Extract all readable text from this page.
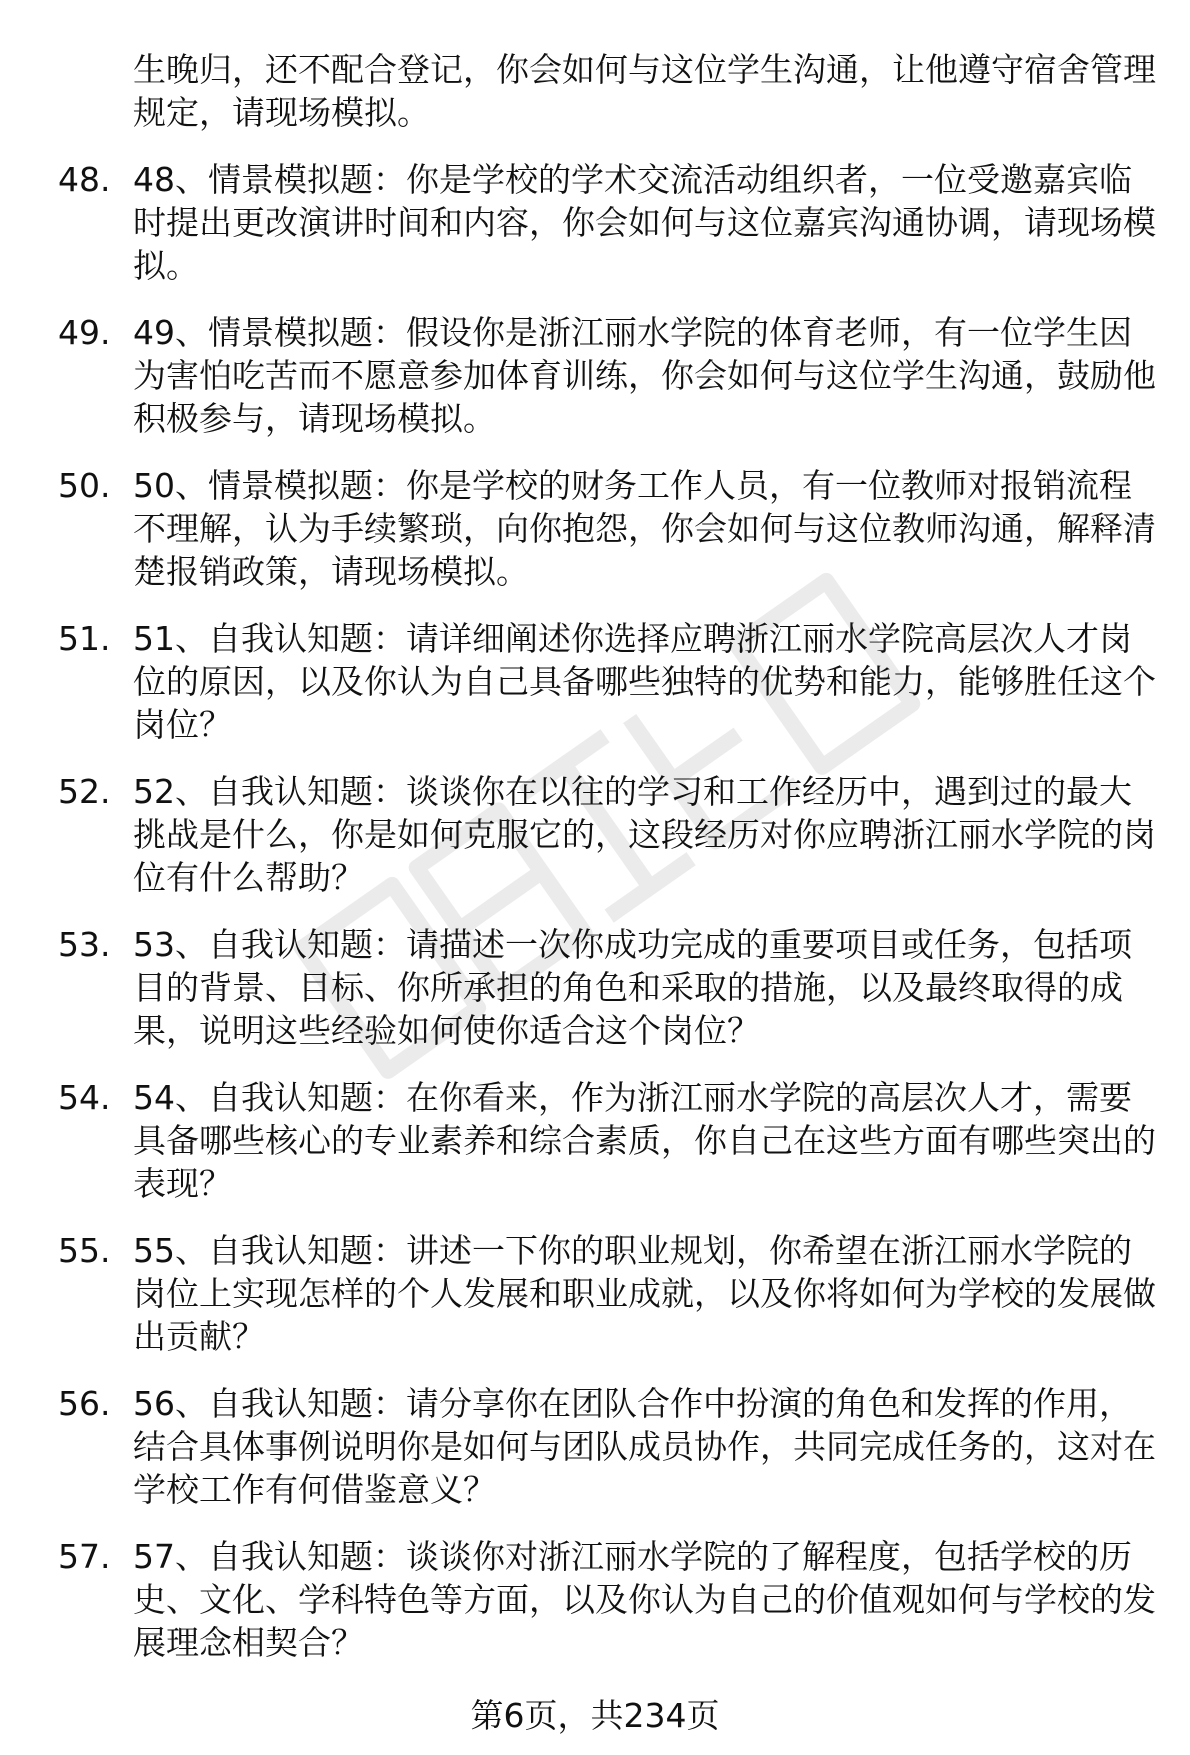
生晚归，还不配合登记，你会如何与这位学生沟通，让他遵守宿舍管理规定，请现场模拟。

48. 48、情景模拟题：你是学校的学术交流活动组织者，一位受邀嘉宾临时提出更改演讲时间和内容，你会如何与这位嘉宾沟通协调，请现场模拟。
49. 49、情景模拟题：假设你是浙江丽水学院的体育老师，有一位学生因为害怕吃苦而不愿意参加体育训练，你会如何与这位学生沟通，鼓励他积极参与，请现场模拟。
50. 50、情景模拟题：你是学校的财务工作人员，有一位教师对报销流程不理解，认为手续繁琐，向你抱怨，你会如何与这位教师沟通，解释清楚报销政策，请现场模拟。
51. 51、自我认知题：请详细阐述你选择应聘浙江丽水学院高层次人才岗位的原因，以及你认为自己具备哪些独特的优势和能力，能够胜任这个岗位？
52. 52、自我认知题：谈谈你在以往的学习和工作经历中，遇到过的最大挑战是什么，你是如何克服它的，这段经历对你应聘浙江丽水学院的岗位有什么帮助？
53. 53、自我认知题：请描述一次你成功完成的重要项目或任务，包括项目的背景、目标、你所承担的角色和采取的措施，以及最终取得的成果，说明这些经验如何使你适合这个岗位？
54. 54、自我认知题：在你看来，作为浙江丽水学院的高层次人才，需要具备哪些核心的专业素养和综合素质，你自己在这些方面有哪些突出的表现？
55. 55、自我认知题：讲述一下你的职业规划，你希望在浙江丽水学院的岗位上实现怎样的个人发展和职业成就，以及你将如何为学校的发展做出贡献？
56. 56、自我认知题：请分享你在团队合作中扮演的角色和发挥的作用，结合具体事例说明你是如何与团队成员协作，共同完成任务的，这对在学校工作有何借鉴意义？
57. 57、自我认知题：谈谈你对浙江丽水学院的了解程度，包括学校的历史、文化、学科特色等方面，以及你认为自己的价值观如何与学校的发展理念相契合？
第6页，共234页
